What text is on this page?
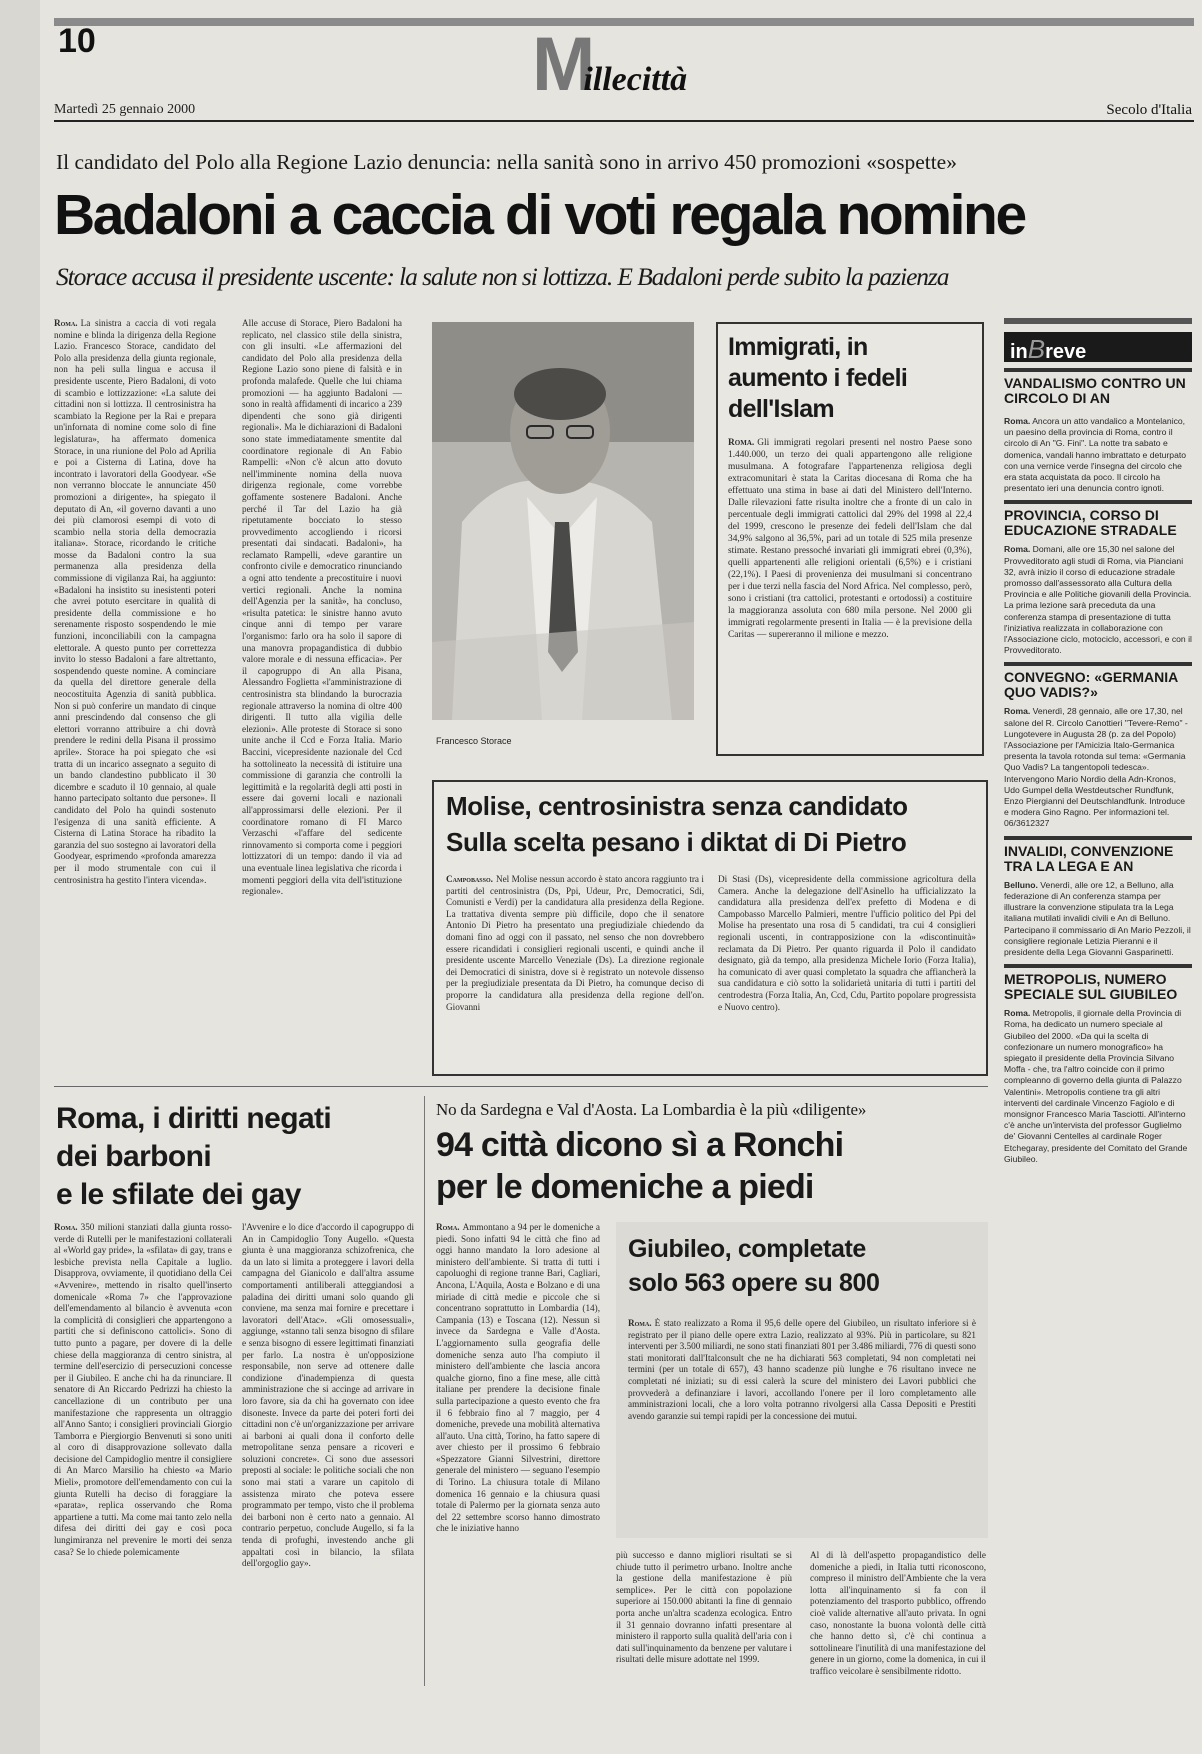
10	Millecittà
Martedì 25 gennaio 2000	Secolo d'Italia
Il candidato del Polo alla Regione Lazio denuncia: nella sanità sono in arrivo 450 promozioni «sospette»
Badaloni a caccia di voti regala nomine
Storace accusa il presidente uscente: la salute non si lottizza. E Badaloni perde subito la pazienza
Roma. La sinistra a caccia di voti regala nomine e blinda la dirigenza della Regione Lazio. Francesco Storace, candidato del Polo alla presidenza della giunta regionale, non ha peli sulla lingua e accusa il presidente uscente, Piero Badaloni, di voto di scambio e lottizzazione: «La salute dei cittadini non si lottizza. Il centrosinistra ha scambiato la Regione per la Rai e prepara un'infornata di nomine come solo di fine legislatura», ha affermato domenica Storace, in una riunione del Polo ad Aprilia e poi a Cisterna di Latina, dove ha incontrato i lavoratori della Goodyear. «Se non verranno bloccate le annunciate 450 promozioni a dirigente», ha spiegato il deputato di An, «il governo davanti a uno dei più clamorosi esempi di voto di scambio nella storia della democrazia italiana». Storace, ricordando le critiche mosse da Badaloni contro la sua permanenza alla presidenza della commissione di vigilanza Rai, ha aggiunto: «Badaloni ha insistito su inesistenti poteri che avrei potuto esercitare in qualità di presidente della commissione e ho serenamente risposto sospendendo le mie funzioni, inconciliabili con la campagna elettorale. A questo punto per correttezza invito lo stesso Badaloni a fare altrettanto, sospendendo queste nomine. A cominciare da quella del direttore generale della neocostituita Agenzia di sanità pubblica. Non si può conferire un mandato di cinque anni prescindendo dal consenso che gli elettori vorranno attribuire a chi dovrà prendere le redini della Pisana il prossimo aprile». Storace ha poi spiegato che «si tratta di un incarico assegnato a seguito di un bando clandestino pubblicato il 30 dicembre e scaduto il 10 gennaio, al quale hanno partecipato soltanto due persone». Il candidato del Polo ha quindi sostenuto l'esigenza di una sanità efficiente. A Cisterna di Latina Storace ha ribadito la garanzia del suo sostegno ai lavoratori della Goodyear, esprimendo «profonda amarezza per il modo strumentale con cui il centrosinistra ha gestito l'intera vicenda».
Alle accuse di Storace, Piero Badaloni ha replicato, nel classico stile della sinistra, con gli insulti. «Le affermazioni del candidato del Polo alla presidenza della Regione Lazio sono piene di falsità e in profonda malafede. Quelle che lui chiama promozioni — ha aggiunto Badaloni — sono in realtà affidamenti di incarico a 239 dipendenti che sono già dirigenti regionali». Ma le dichiarazioni di Badaloni sono state immediatamente smentite dal coordinatore regionale di An Fabio Rampelli: «Non c'è alcun atto dovuto nell'imminente nomina della nuova dirigenza regionale, come vorrebbe goffamente sostenere Badaloni. Anche perché il Tar del Lazio ha già ripetutamente bocciato lo stesso provvedimento accogliendo i ricorsi presentati dai sindacati. Badaloni», ha reclamato Rampelli, «deve garantire un confronto civile e democratico rinunciando a ogni atto tendente a precostituire i nuovi vertici regionali. Anche la nomina dell'Agenzia per la sanità», ha concluso, «risulta patetica: le sinistre hanno avuto cinque anni di tempo per varare l'organismo: farlo ora ha solo il sapore di una manovra propagandistica di dubbio valore morale e di nessuna efficacia». Per il capogruppo di An alla Pisana, Alessandro Foglietta «l'amministrazione di centrosinistra sta blindando la burocrazia regionale attraverso la nomina di oltre 400 dirigenti. Il tutto alla vigilia delle elezioni». Alle proteste di Storace si sono unite anche il Ccd e Forza Italia. Mario Baccini, vicepresidente nazionale del Ccd ha sottolineato la necessità di istituire una commissione di garanzia che controlli la legittimità e la regolarità degli atti posti in essere dai governi locali e nazionali all'approssimarsi delle elezioni. Per il coordinatore romano di FI Marco Verzaschi «l'affare del sedicente rinnovamento si comporta come i peggiori lottizzatori di un tempo: dando il via ad una eventuale linea legislativa che ricorda i momenti peggiori della vita dell'istituzione regionale».
Francesco Storace
Immigrati, in aumento i fedeli dell'Islam
Roma. Gli immigrati regolari presenti nel nostro Paese sono 1.440.000, un terzo dei quali appartengono alle religione musulmana. A fotografare l'appartenenza religiosa degli extracomunitari è stata la Caritas diocesana di Roma che ha effettuato una stima in base ai dati del Ministero dell'Interno. Dalle rilevazioni fatte risulta inoltre che a fronte di un calo in percentuale degli immigrati cattolici dal 29% del 1998 al 22,4 del 1999, crescono le presenze dei fedeli dell'Islam che dal 34,9% salgono al 36,5%, pari ad un totale di 525 mila presenze stimate. Restano pressoché invariati gli immigrati ebrei (0,3%), quelli appartenenti alle religioni orientali (6,5%) e i cristiani (22,1%). I Paesi di provenienza dei musulmani si concentrano per i due terzi nella fascia del Nord Africa. Nel complesso, però, sono i cristiani (tra cattolici, protestanti e ortodossi) a costituire la maggioranza assoluta con 680 mila persone. Nel 2000 gli immigrati regolarmente presenti in Italia — è la previsione della Caritas — supereranno il milione e mezzo.
Molise, centrosinistra senza candidato
Sulla scelta pesano i diktat di Di Pietro
Campobasso. Nel Molise nessun accordo è stato ancora raggiunto tra i partiti del centrosinistra (Ds, Ppi, Udeur, Prc, Democratici, Sdi, Comunisti e Verdi) per la candidatura alla presidenza della Regione. La trattativa diventa sempre più difficile, dopo che il senatore Antonio Di Pietro ha presentato una pregiudiziale chiedendo da domani fino ad oggi con il passato, nel senso che non dovrebbero essere ricandidati i consiglieri regionali uscenti, e quindi anche il presidente uscente Marcello Veneziale (Ds). La direzione regionale dei Democratici di sinistra, dove si è registrato un notevole dissenso per la pregiudiziale presentata da Di Pietro, ha comunque deciso di proporre la candidatura alla presidenza della regione dell'on. Giovanni
Di Stasi (Ds), vicepresidente della commissione agricoltura della Camera. Anche la delegazione dell'Asinello ha ufficializzato la candidatura alla presidenza dell'ex prefetto di Modena e di Campobasso Marcello Palmieri, mentre l'ufficio politico del Ppi del Molise ha presentato una rosa di 5 candidati, tra cui 4 consiglieri regionali uscenti, in contrapposizione con la «discontinuità» reclamata da Di Pietro. Per quanto riguarda il Polo il candidato designato, già da tempo, alla presidenza Michele Iorio (Forza Italia), ha comunicato di aver quasi completato la squadra che affiancherà la sua candidatura e ciò sotto la solidarietà unitaria di tutti i partiti del centrodestra (Forza Italia, An, Ccd, Cdu, Partito popolare progressista e Nuovo centro).
inBreve
VANDALISMO CONTRO UN CIRCOLO DI AN
Roma. Ancora un atto vandalico a Montelanico, un paesino della provincia di Roma, contro il circolo di An "G. Fini". La notte tra sabato e domenica, vandali hanno imbrattato e deturpato con una vernice verde l'insegna del circolo che era stata acquistata da poco. Il circolo ha presentato ieri una denuncia contro ignoti.
PROVINCIA, CORSO DI EDUCAZIONE STRADALE
Roma. Domani, alle ore 15,30 nel salone del Provveditorato agli studi di Roma, via Pianciani 32, avrà inizio il corso di educazione stradale promosso dall'assessorato alla Cultura della Provincia e alle Politiche giovanili della Provincia. La prima lezione sarà preceduta da una conferenza stampa di presentazione di tutta l'iniziativa realizzata in collaborazione con l'Associazione ciclo, motociclo, accessori, e con il Provveditorato.
CONVEGNO: «GERMANIA QUO VADIS?»
Roma. Venerdì, 28 gennaio, alle ore 17,30, nel salone del R. Circolo Canottieri "Tevere-Remo" - Lungotevere in Augusta 28 (p. za del Popolo) l'Associazione per l'Amicizia Italo-Germanica presenta la tavola rotonda sul tema: «Germania Quo Vadis? La tangentopoli tedesca». Intervengono Mario Nordio della Adn-Kronos, Udo Gumpel della Westdeutscher Rundfunk, Enzo Piergianni del Deutschlandfunk. Introduce e modera Gino Ragno. Per informazioni tel. 06/3612327
INVALIDI, CONVENZIONE TRA LA LEGA E AN
Belluno. Venerdì, alle ore 12, a Belluno, alla federazione di An conferenza stampa per illustrare la convenzione stipulata tra la Lega italiana mutilati invalidi civili e An di Belluno. Partecipano il commissario di An Mario Pezzoli, il consigliere regionale Letizia Pieranni e il presidente della Lega Giovanni Gasparinetti.
METROPOLIS, NUMERO SPECIALE SUL GIUBILEO
Roma. Metropolis, il giornale della Provincia di Roma, ha dedicato un numero speciale al Giubileo del 2000. «Da qui la scelta di confezionare un numero monografico» ha spiegato il presidente della Provincia Silvano Moffa - che, tra l'altro coincide con il primo compleanno di governo della giunta di Palazzo Valentini». Metropolis contiene tra gli altri interventi del cardinale Vincenzo Fagiolo e di monsignor Francesco Maria Tasciotti. All'interno c'è anche un'intervista del professor Guglielmo de' Giovanni Centelles al cardinale Roger Etchegaray, presidente del Comitato del Grande Giubileo.
Roma, i diritti negati
dei barboni
e le sfilate dei gay
Roma. 350 milioni stanziati dalla giunta rosso-verde di Rutelli per le manifestazioni collaterali al «World gay pride», la «sfilata» di gay, trans e lesbiche prevista nella Capitale a luglio. Disapprova, ovviamente, il quotidiano della Cei «Avvenire», mettendo in risalto quell'inserto domenicale «Roma 7» che l'approvazione dell'emendamento al bilancio è avvenuta «con la complicità di consiglieri che appartengono a partiti che si definiscono cattolici». Sono di tutto punto a pagare, per dovere di la delle chiese della maggioranza di centro sinistra, al termine dell'esercizio di persecuzioni concesse per il Giubileo. E anche chi ha da rinunciare. Il senatore di An Riccardo Pedrizzi ha chiesto la cancellazione di un contributo per una manifestazione che rappresenta un oltraggio all'Anno Santo; i consiglieri provinciali Giorgio Tamborra e Piergiorgio Benvenuti si sono uniti al coro di disapprovazione sollevato dalla decisione del Campidoglio mentre il consigliere di An Marco Marsilio ha chiesto «a Mario Mieli», promotore dell'emendamento con cui la giunta Rutelli ha deciso di foraggiare la «parata», replica osservando che Roma appartiene a tutti. Ma come mai tanto zelo nella difesa dei diritti dei gay e così poca lungimiranza nel prevenire le morti dei senza casa? Se lo chiede polemicamente
l'Avvenire e lo dice d'accordo il capogruppo di An in Campidoglio Tony Augello. «Questa giunta è una maggioranza schizofrenica, che da un lato si limita a proteggere i lavori della campagna del Gianicolo e dall'altra assume comportamenti antiliberali atteggiandosi a paladina dei diritti umani solo quando gli conviene, ma senza mai fornire e precettare i lavoratori dell'Atac». «Gli omosessuali», aggiunge, «stanno tali senza bisogno di sfilare e senza bisogno di essere legittimati finanziati per farlo. La nostra è un'opposizione responsabile, non serve ad ottenere dalle condizione d'inadempienza di questa amministrazione che si accinge ad arrivare in loro favore, sia da chi ha governato con idee disoneste. Invece da parte dei poteri forti dei cittadini non c'è un'organizzazione per arrivare ai barboni ai quali dona il conforto delle metropolitane senza pensare a ricoveri e soluzioni concrete». Ci sono due assessori preposti al sociale: le politiche sociali che non sono mai stati a varare un capitolo di assistenza mirato che poteva essere programmato per tempo, visto che il problema dei barboni non è certo nato a gennaio. Al contrario perpetuo, conclude Augello, si fa la tenda di profughi, investendo anche gli appaltati così in bilancio, la sfilata dell'orgoglio gay».
No da Sardegna e Val d'Aosta. La Lombardia è la più «diligente»
94 città dicono sì a Ronchi
per le domeniche a piedi
Roma. Ammontano a 94 per le domeniche a piedi. Sono infatti 94 le città che fino ad oggi hanno mandato la loro adesione al ministero dell'ambiente. Si tratta di tutti i capoluoghi di regione tranne Bari, Cagliari, Ancona, L'Aquila, Aosta e Bolzano e di una miriade di città medie e piccole che si concentrano soprattutto in Lombardia (14), Campania (13) e Toscana (12). Nessun sì invece da Sardegna e Valle d'Aosta. L'aggiornamento sulla geografia delle domeniche senza auto l'ha compiuto il ministero dell'ambiente che lascia ancora qualche giorno, fino a fine mese, alle città italiane per prendere la decisione finale sulla partecipazione a questo evento che fra il 6 febbraio fino al 7 maggio, per 4 domeniche, prevede una mobilità alternativa all'auto. Una città, Torino, ha fatto sapere di aver chiesto per il prossimo 6 febbraio «Spezzatore Gianni Silvestrini, direttore generale del ministero — seguano l'esempio di Torino. La chiusura totale di Milano domenica 16 gennaio e la chiusura quasi totale di Palermo per la giornata senza auto del 22 settembre scorso hanno dimostrato che le iniziative hanno
Giubileo, completate
solo 563 opere su 800
Roma. È stato realizzato a Roma il 95,6 delle opere del Giubileo, un risultato inferiore si è registrato per il piano delle opere extra Lazio, realizzato al 93%. Più in particolare, su 821 interventi per 3.500 miliardi, ne sono stati finanziati 801 per 3.486 miliardi, 776 di questi sono stati monitorati dall'Italconsult che ne ha dichiarati 563 completati, 94 non completati nei termini (per un totale di 657), 43 hanno scadenze più lunghe e 76 risultano invece ne completati né iniziati; su di essi calerà la scure del ministero dei Lavori pubblici che provvederà a definanziare i lavori, accollando l'onere per il loro completamento alle amministrazioni locali, che a loro volta potranno rivolgersi alla Cassa Depositi e Prestiti avendo garanzie sui tempi rapidi per la concessione dei mutui.
più successo e danno migliori risultati se si chiude tutto il perimetro urbano. Inoltre anche la gestione della manifestazione è più semplice». Per le città con popolazione superiore ai 150.000 abitanti la fine di gennaio porta anche un'altra scadenza ecologica. Entro il 31 gennaio dovranno infatti presentare al ministero il rapporto sulla qualità dell'aria con i dati sull'inquinamento da benzene per valutare i risultati delle misure adottate nel 1999.
Al di là dell'aspetto propagandistico delle domeniche a piedi, in Italia tutti riconoscono, compreso il ministro dell'Ambiente che la vera lotta all'inquinamento si fa con il potenziamento del trasporto pubblico, offrendo cioè valide alternative all'auto privata. In ogni caso, nonostante la buona volontà delle città che hanno detto sì, c'è chi continua a sottolineare l'inutilità di una manifestazione del genere in un giorno, come la domenica, in cui il traffico veicolare è sensibilmente ridotto.
